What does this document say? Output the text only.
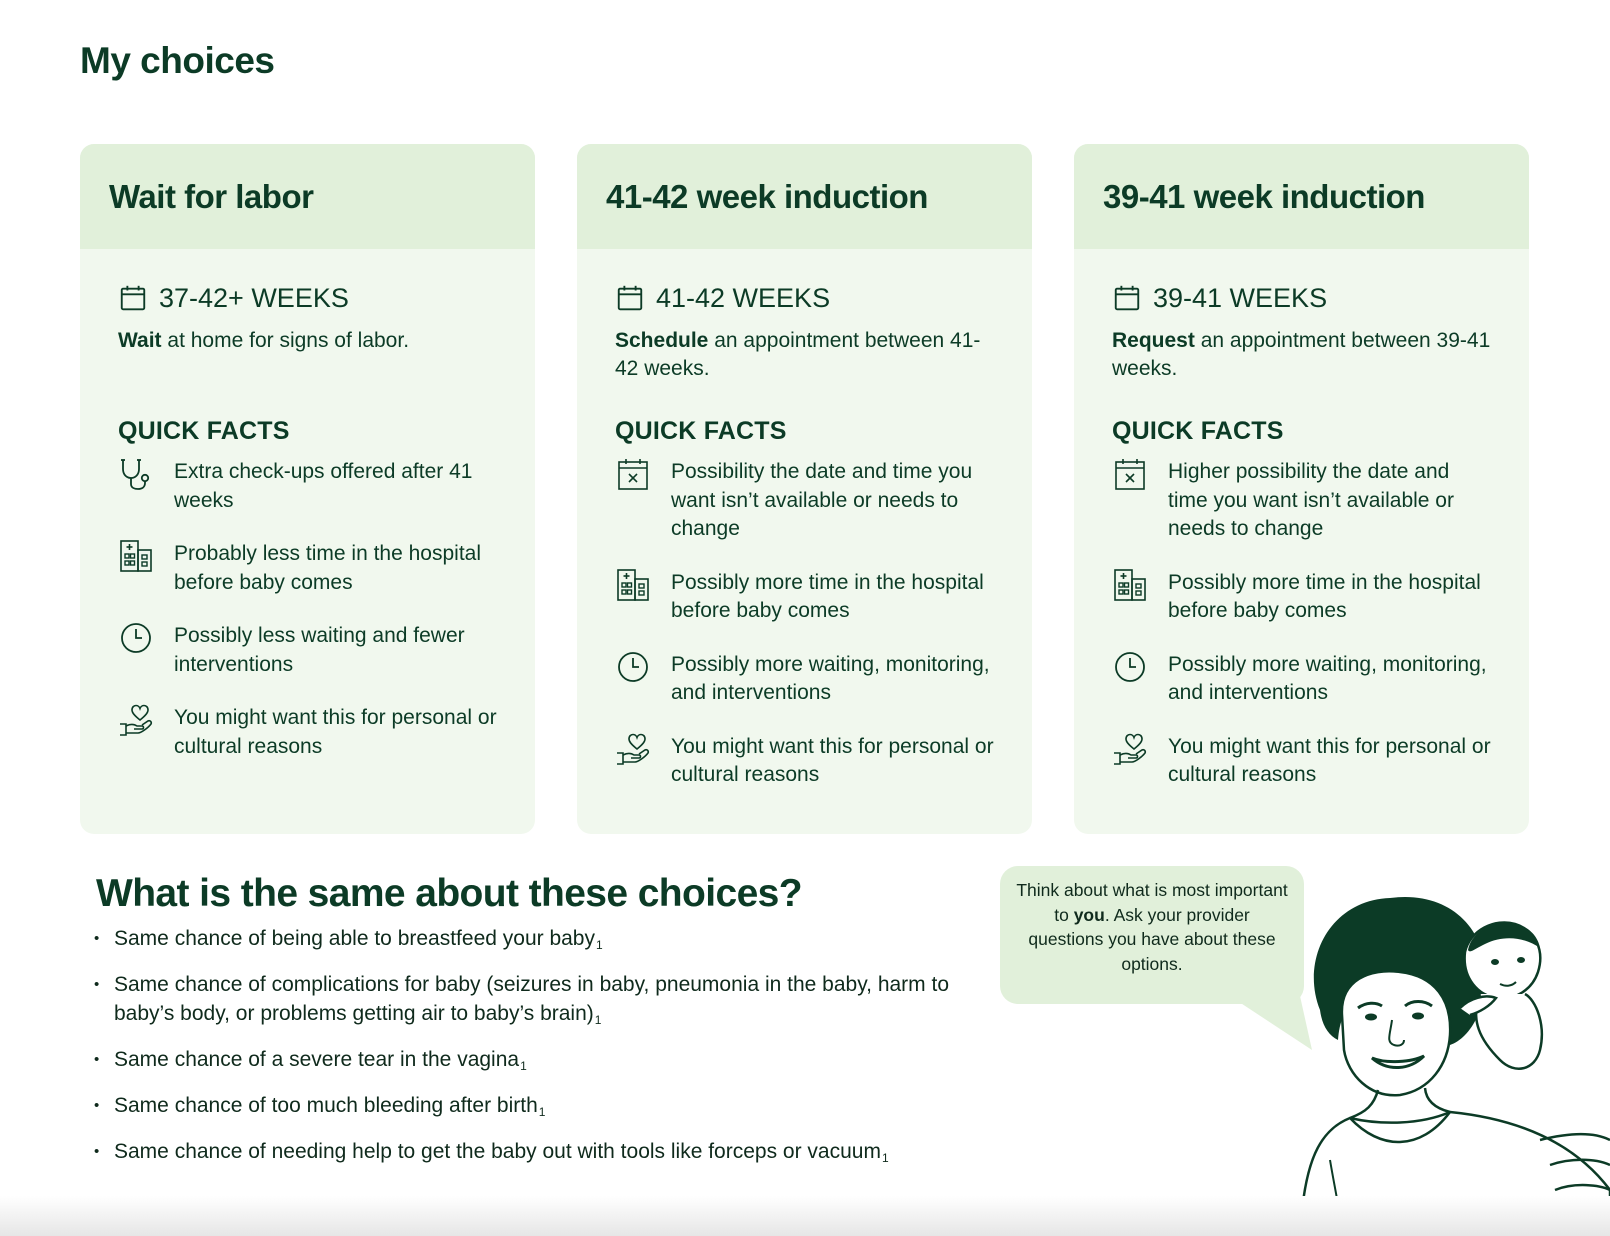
My choices
Wait for labor
37-42+ WEEKS
Wait at home for signs of labor.
QUICK FACTS
Extra check-ups offered after 41 weeks
Probably less time in the hospital before baby comes
Possibly less waiting and fewer interventions
You might want this for personal or cultural reasons
41-42 week induction
41-42 WEEKS
Schedule an appointment between 41-42 weeks.
QUICK FACTS
Possibility the date and time you want isn’t available or needs to change
Possibly more time in the hospital before baby comes
Possibly more waiting, monitoring, and interventions
You might want this for personal or cultural reasons
39-41 week induction
39-41 WEEKS
Request an appointment between 39-41 weeks.
QUICK FACTS
Higher possibility the date and time you want isn’t available or needs to change
Possibly more time in the hospital before baby comes
Possibly more waiting, monitoring, and interventions
You might want this for personal or cultural reasons
What is the same about these choices?
• Same chance of being able to breastfeed your baby$_1$
• Same chance of complications for baby (seizures in baby, pneumonia in the baby, harm to baby’s body, or problems getting air to baby’s $brain)_1$
• Same chance of a severe tear in the vagina$_1$
• Same chance of too much bleeding after birth$_1$
• Same chance of needing help to get the baby out with tools like forceps or vacuum$_1$
Think about what is most important to you. Ask your provider questions you have about these options.
